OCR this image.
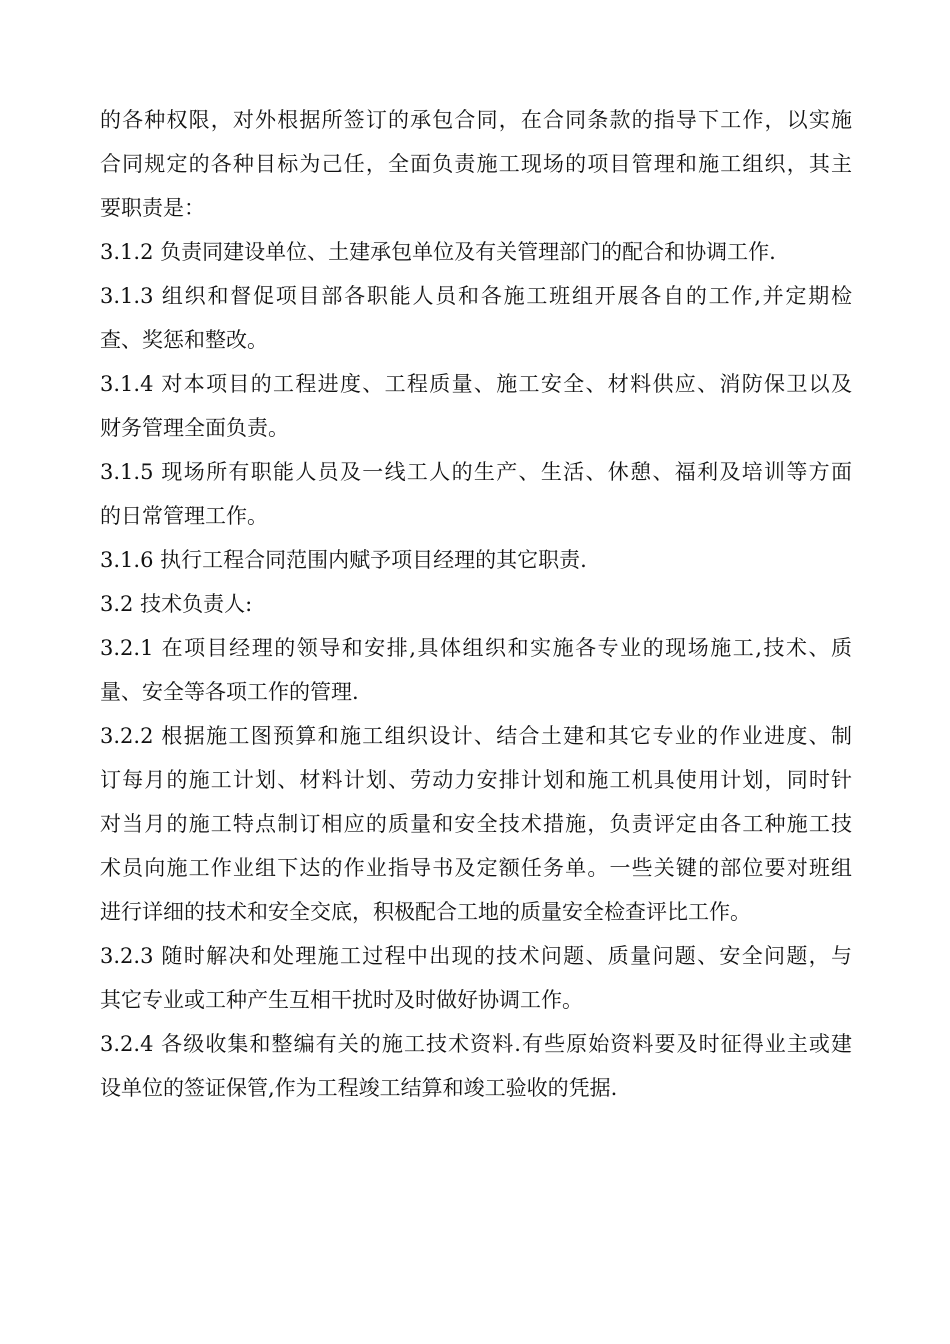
的各种权限，对外根据所签订的承包合同，在合同条款的指导下工作，以实施
合同规定的各种目标为己任，全面负责施工现场的项目管理和施工组织，其主
要职责是：
3.1.2 负责同建设单位、土建承包单位及有关管理部门的配合和协调工作.
3.1.3 组织和督促项目部各职能人员和各施工班组开展各自的工作,并定期检
查、奖惩和整改。
3.1.4 对本项目的工程进度、工程质量、施工安全、材料供应、消防保卫以及
财务管理全面负责。
3.1.5 现场所有职能人员及一线工人的生产、生活、休憩、福利及培训等方面
的日常管理工作。
3.1.6 执行工程合同范围内赋予项目经理的其它职责.
3.2 技术负责人:
3.2.1 在项目经理的领导和安排,具体组织和实施各专业的现场施工,技术、质
量、安全等各项工作的管理.
3.2.2 根据施工图预算和施工组织设计、结合土建和其它专业的作业进度、制
订每月的施工计划、材料计划、劳动力安排计划和施工机具使用计划，同时针
对当月的施工特点制订相应的质量和安全技术措施，负责评定由各工种施工技
术员向施工作业组下达的作业指导书及定额任务单。一些关键的部位要对班组
进行详细的技术和安全交底，积极配合工地的质量安全检查评比工作。
3.2.3 随时解决和处理施工过程中出现的技术问题、质量问题、安全问题，与
其它专业或工种产生互相干扰时及时做好协调工作。
3.2.4 各级收集和整编有关的施工技术资料.有些原始资料要及时征得业主或建
设单位的签证保管,作为工程竣工结算和竣工验收的凭据.
